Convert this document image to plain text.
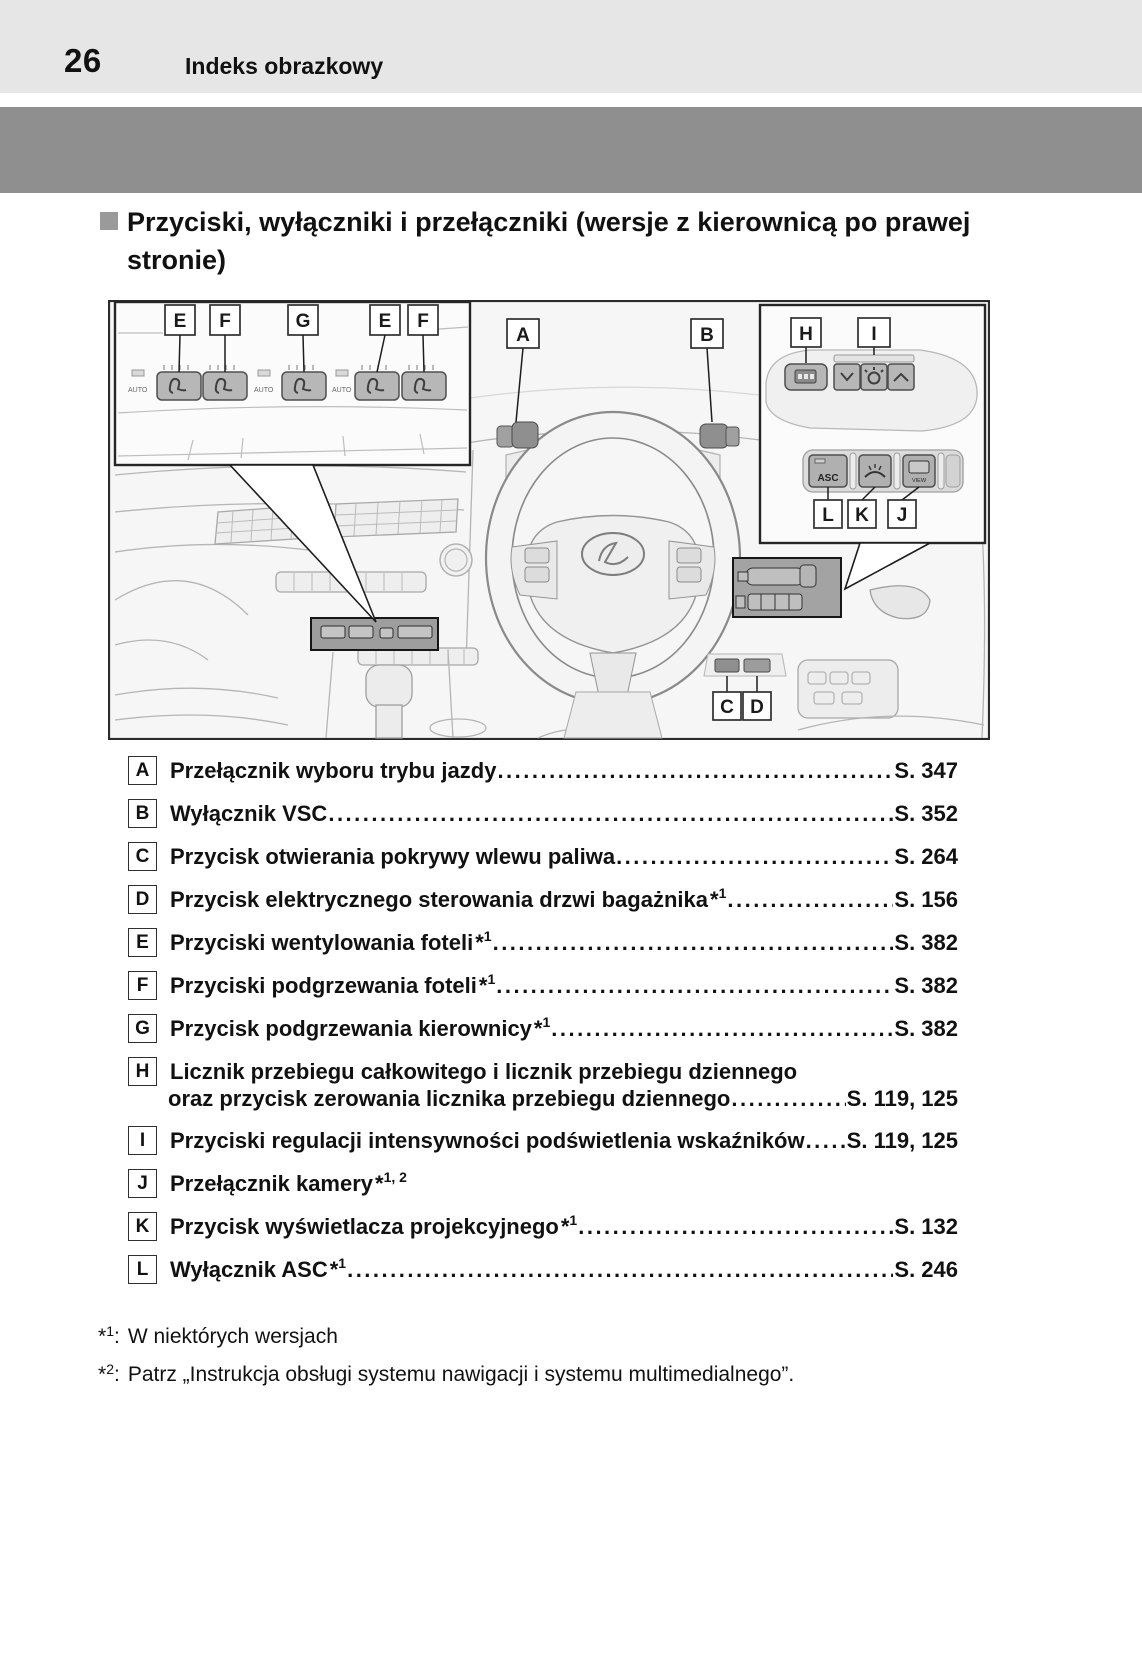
26	Indeks obrazkowy
Przyciski, wyłączniki i przełączniki (wersje z kierownicą po prawej
stronie)
AUTO	AUTO	AUTO
E F	G	E F
H	I
ASC	VIEW
L K J
A	B
C D
A Przełącznik wyboru trybu jazdy .....	S. 347
B Wyłącznik VSC .....	S. 352
C Przycisk otwierania pokrywy wlewu paliwa .....	S. 264
D Przycisk elektrycznego sterowania drzwi bagażnika *$^1$ .....	S. 156
E Przyciski wentylowania foteli *$^1$ .....	S. 382
F Przyciski podgrzewania foteli *$^1$ .....	S. 382
G Przycisk podgrzewania kierownicy *$^1$ .....	S. 382
H Licznik przebiegu całkowitego i licznik przebiegu dziennego
oraz przycisk zerowania licznika przebiegu dziennego .....	S. 119, 125
I	Przyciski regulacji intensywności podświetlenia wskaźników ..... S. 119, 125
J	Przełącznik kamery *$^{1, 2}$
K Przycisk wyświetlacza projekcyjnego *$^1$ .....	S. 132
L Wyłącznik ASC *$^1$ .....	S. 246
*$^1$: W niektórych wersjach
*$^2$: Patrz „Instrukcja obsługi systemu nawigacji i systemu multimedialnego”.
